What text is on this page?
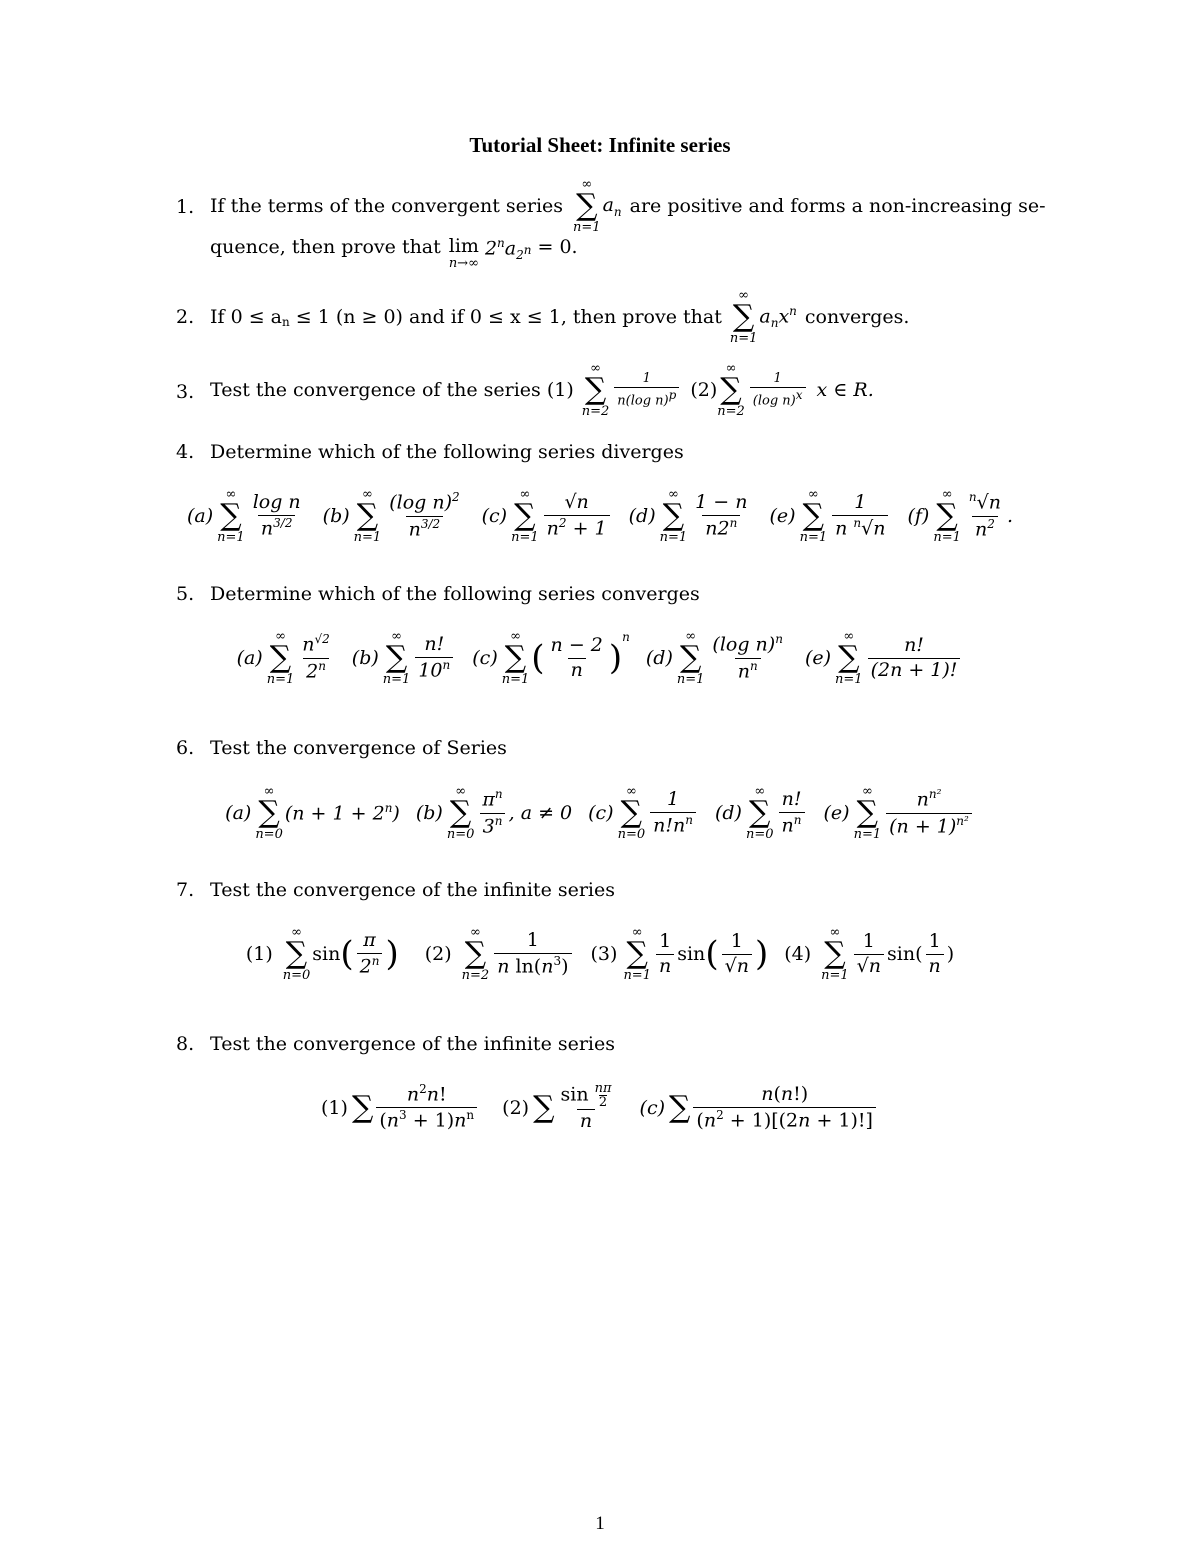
Tutorial Sheet: Infinite series
1. If the terms of the convergent series
∞
∑
n=1
$a_n$ are positive and forms a non-increasing se-
quence, then prove that lim
n→∞
$2^na_{2^n} = 0$.
2. If $0 \le a_n \le 1$ (n ≥ 0) and if 0 ≤ x ≤ 1, then prove that
∞
∑
n=1
$a_nx^n$ converges.
3. Test the convergence of the series (1)
∞
∑
n=2
$\frac{1}{n(\log n)^p} (2)$
∞
∑
n=2
$\frac{1}{(\log n)^x}$ x ∈ R.
4. Determine which of the following series diverges
(a)
∞
∑
$n=1 \frac{\text{log n}}{n^{3/2}} (b)$
∞
∑
$n=1 \frac{(\log n)^2}{n^{3/2}} (c)$
∞
∑
$n=1 \frac{√n}{n^2 + 1} (d)$
∞
∑
$n=1 \frac{1 - n}{n2^n} (e)$
∞
∑
$n=1 \frac{1}{n ^n√n} (f)$
∞
∑
$n=1 \frac{^n√n}{n^2}$ .
5. Determine which of the following series converges
(a)
∞
∑
$n=1 \frac{n^{√2}}{2^n} (b)$
∞
∑
$n=1 \frac{n!}{10^n} (c)$
∞
∑
n=1
( $\frac{n - 2}{n}$ )
$^n$
(d)
∞
∑
$n=1 \frac{(\log n)^n}{n^n} (e)$
∞
∑
$n=1 \frac{n!}{(2n + 1)!}$
6. Test the convergence of Series
(a)
∞
∑
n=0
$(n + 1 + 2^n)$ (b)
∞
∑
$n=0 \frac{\pi^n}{3^n}$ , a ≠ 0 (c)
∞
∑
$n=0 \frac{1}{n!n^n} (d)$
∞
∑
$n=0 \frac{n!}{n^n} (e)$
∞
∑
$n=1 \frac{n^{n^2}}{(n + 1)^{n^2}}$
7. Test the convergence of the infinite series
(1)
∞
∑
n=0
sin ( $\frac{\pi}{2^n}$ ) (2)
∞
∑
$n=2 \frac{1}{n \ln(n^3)} (3)$
∞
∑
$n=1 \frac{1}{n}$ sin ( $\frac{1}{√n}$ ) (4)
∞
∑
$n=1 \frac{1}{√n} \sin( \frac{1}{n}$ )
8. Test the convergence of the infinite series
(1) ∑ $\frac{n^2n!}{(n^3 + 1)n^n} (2)$ ∑ $\frac{\sin \frac{n\pi}{2}}{n} (c)$ ∑ $\frac{n(n!)}{(n^2 + 1)[(2n + 1)!]}$
1
